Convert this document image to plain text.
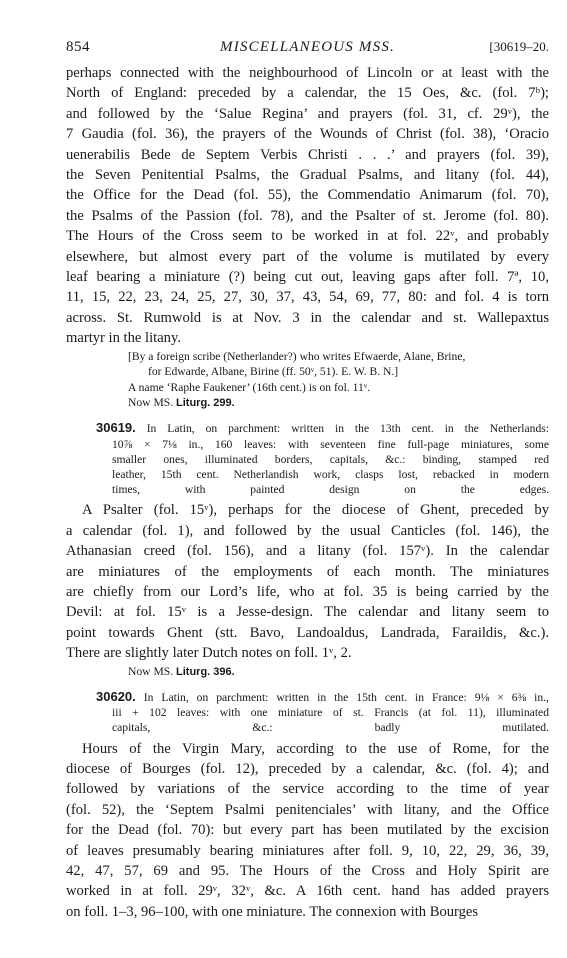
854	MISCELLANEOUS MSS.	[30619–20.
perhaps connected with the neighbourhood of Lincoln or at least with the
North of England: preceded by a calendar, the 15 Oes, &c. (fol. 7ᵇ);
and followed by the ‘Salue Regina’ and prayers (fol. 31, cf. 29ᵛ), the
7 Gaudia (fol. 36), the prayers of the Wounds of Christ (fol. 38), ‘Oracio
uenerabilis Bede de Septem Verbis Christi . . .’ and prayers (fol. 39),
the Seven Penitential Psalms, the Gradual Psalms, and litany (fol. 44),
the Office for the Dead (fol. 55), the Commendatio Animarum (fol. 70),
the Psalms of the Passion (fol. 78), and the Psalter of st. Jerome (fol. 80).
The Hours of the Cross seem to be worked in at fol. 22ᵛ, and probably
elsewhere, but almost every part of the volume is mutilated by every
leaf bearing a miniature (?) being cut out, leaving gaps after foll. 7ª, 10,
11, 15, 22, 23, 24, 25, 27, 30, 37, 43, 54, 69, 77, 80: and fol. 4 is torn
across. St. Rumwold is at Nov. 3 in the calendar and st. Wallepaxtus
martyr in the litany.
[By a foreign scribe (Netherlander?) who writes Efwaerde, Alane, Brine,
for Edwarde, Albane, Birine (ff. 50ᵛ, 51). E. W. B. N.]
A name ‘Raphe Faukener’ (16th cent.) is on fol. 11ᵛ.
Now MS. Liturg. 299.
30619. In Latin, on parchment: written in the 13th cent. in the Netherlands:
10⅞ × 7⅛ in., 160 leaves: with seventeen fine full-page miniatures, some
smaller ones, illuminated borders, capitals, &c.: binding, stamped red
leather, 15th cent. Netherlandish work, clasps lost, rebacked in modern
times, with painted design on the edges.
A Psalter (fol. 15ᵛ), perhaps for the diocese of Ghent, preceded by
a calendar (fol. 1), and followed by the usual Canticles (fol. 146), the
Athanasian creed (fol. 156), and a litany (fol. 157ᵛ). In the calendar
are miniatures of the employments of each month. The miniatures
are chiefly from our Lord’s life, who at fol. 35 is being carried by the
Devil: at fol. 15ᵛ is a Jesse-design. The calendar and litany seem to
point towards Ghent (stt. Bavo, Landoaldus, Landrada, Faraildis, &c.).
There are slightly later Dutch notes on foll. 1ᵛ, 2.
Now MS. Liturg. 396.
30620. In Latin, on parchment: written in the 15th cent. in France: 9⅛ × 6⅜ in.,
iii + 102 leaves: with one miniature of st. Francis (at fol. 11), illuminated
capitals, &c.: badly mutilated.
Hours of the Virgin Mary, according to the use of Rome, for the
diocese of Bourges (fol. 12), preceded by a calendar, &c. (fol. 4); and
followed by variations of the service according to the time of year
(fol. 52), the ‘Septem Psalmi penitenciales’ with litany, and the Office
for the Dead (fol. 70): but every part has been mutilated by the excision
of leaves presumably bearing miniatures after foll. 9, 10, 22, 29, 36, 39,
42, 47, 57, 69 and 95. The Hours of the Cross and Holy Spirit are
worked in at foll. 29ᵛ, 32ᵛ, &c. A 16th cent. hand has added prayers
on foll. 1–3, 96–100, with one miniature. The connexion with Bourges
